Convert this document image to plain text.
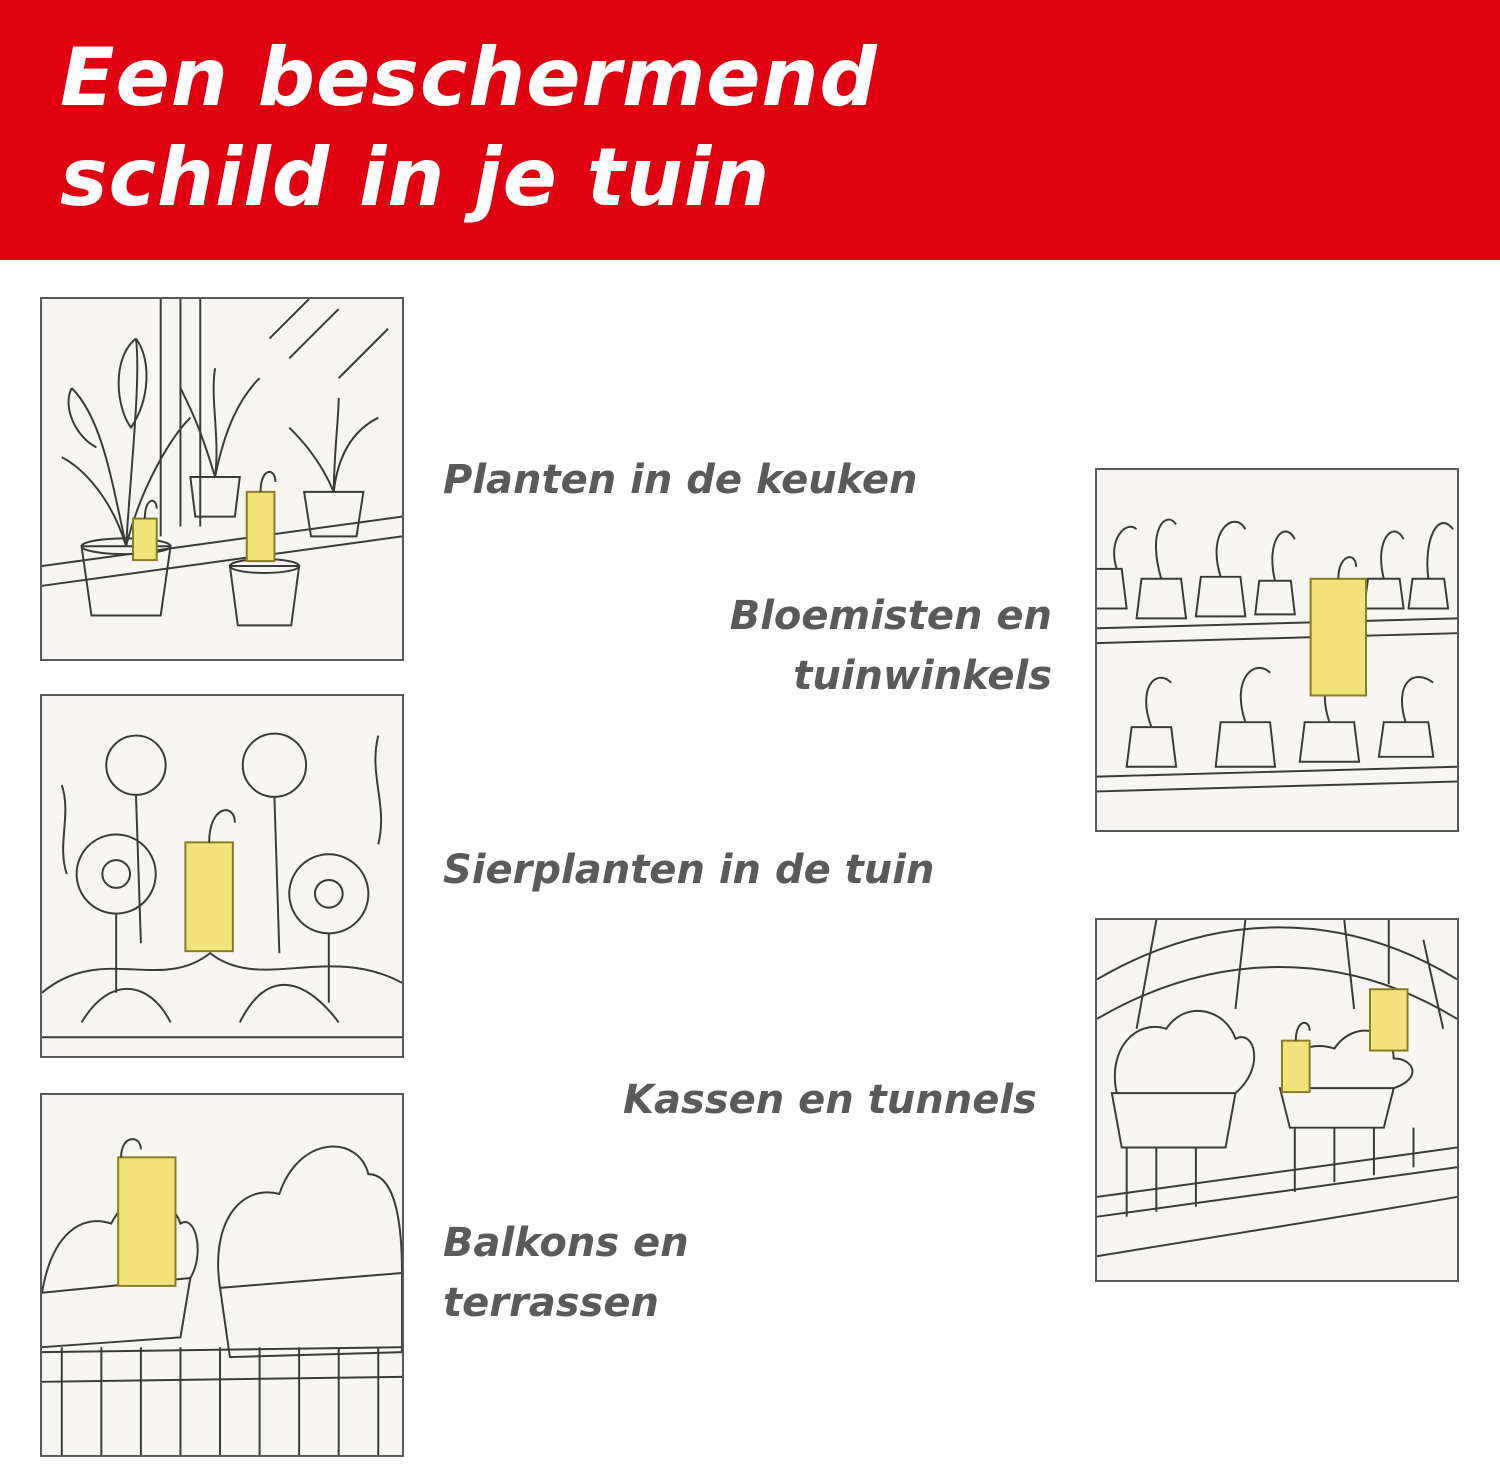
Een beschermend
schild in je tuin
Planten in de keuken
Bloemisten en
tuinwinkels
Sierplanten in de tuin
Kassen en tunnels
Balkons en
terrassen
